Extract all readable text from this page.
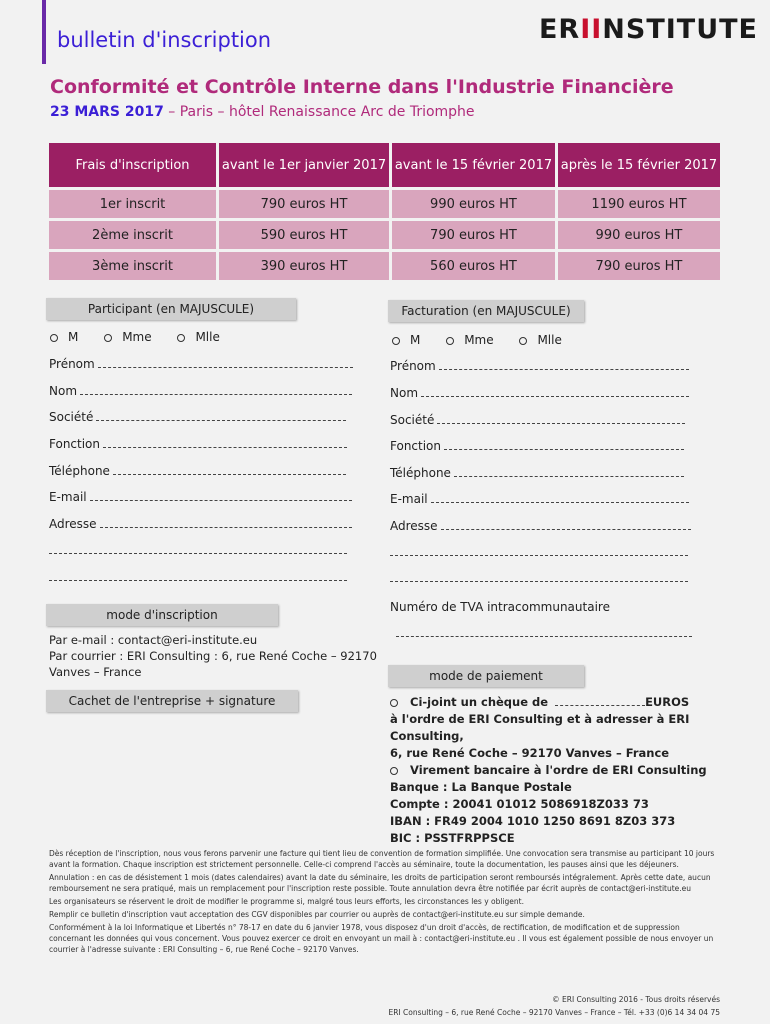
bulletin d'inscription	ERIINSTITUTE
Conformité et Contrôle Interne dans l'Industrie Financière
23 MARS 2017 – Paris – hôtel Renaissance Arc de Triomphe
Frais d'inscription	avant le 1er janvier 2017	avant le 15 février 2017	après le 15 février 2017
1er inscrit	790 euros HT	990 euros HT	1190 euros HT
2ème inscrit	590 euros HT	790 euros HT	990 euros HT
3ème inscrit	390 euros HT	560 euros HT	790 euros HT
Participant (en MAJUSCULE)
M	Mme	Mlle
Prénom
Nom
Société
Fonction
Téléphone
E-mail
Adresse
Facturation (en MAJUSCULE)
M	Mme	Mlle
Prénom
Nom
Société
Fonction
Téléphone
E-mail
Adresse
Numéro de TVA intracommunautaire
mode d'inscription
Par e-mail : contact@eri-institute.eu
Par courrier : ERI Consulting : 6, rue René Coche – 92170
Vanves – France
Cachet de l'entreprise + signature
mode de paiement
Ci-joint un chèque de	EUROS
à l'ordre de ERI Consulting et à adresser à ERI Consulting,
6, rue René Coche – 92170 Vanves – France
Virement bancaire à l'ordre de ERI Consulting
Banque : La Banque Postale
Compte : 20041 01012 5086918Z033 73
IBAN : FR49 2004 1010 1250 8691 8Z03 373
BIC : PSSTFRPPSCE
Dès réception de l'inscription, nous vous ferons parvenir une facture qui tient lieu de convention de formation simplifiée. Une convocation sera transmise au participant 10 jours avant la formation. Chaque inscription est strictement personnelle. Celle-ci comprend l'accès au séminaire, toute la documentation, les pauses ainsi que les déjeuners.
Annulation : en cas de désistement 1 mois (dates calendaires) avant la date du séminaire, les droits de participation seront remboursés intégralement. Après cette date, aucun remboursement ne sera pratiqué, mais un remplacement pour l'inscription reste possible. Toute annulation devra être notifiée par écrit auprès de contact@eri-institute.eu
Les organisateurs se réservent le droit de modifier le programme si, malgré tous leurs efforts, les circonstances les y obligent.
Remplir ce bulletin d'inscription vaut acceptation des CGV disponibles par courrier ou auprès de contact@eri-institute.eu sur simple demande.
Conformément à la loi Informatique et Libertés n° 78-17 en date du 6 janvier 1978, vous disposez d'un droit d'accès, de rectification, de modification et de suppression concernant les données qui vous concernent. Vous pouvez exercer ce droit en envoyant un mail à : contact@eri-institute.eu . Il vous est également possible de nous envoyer un courrier à l'adresse suivante : ERI Consulting – 6, rue René Coche – 92170 Vanves.
© ERI Consulting 2016 - Tous droits réservés
ERI Consulting – 6, rue René Coche – 92170 Vanves – France – Tél. +33 (0)6 14 34 04 75
